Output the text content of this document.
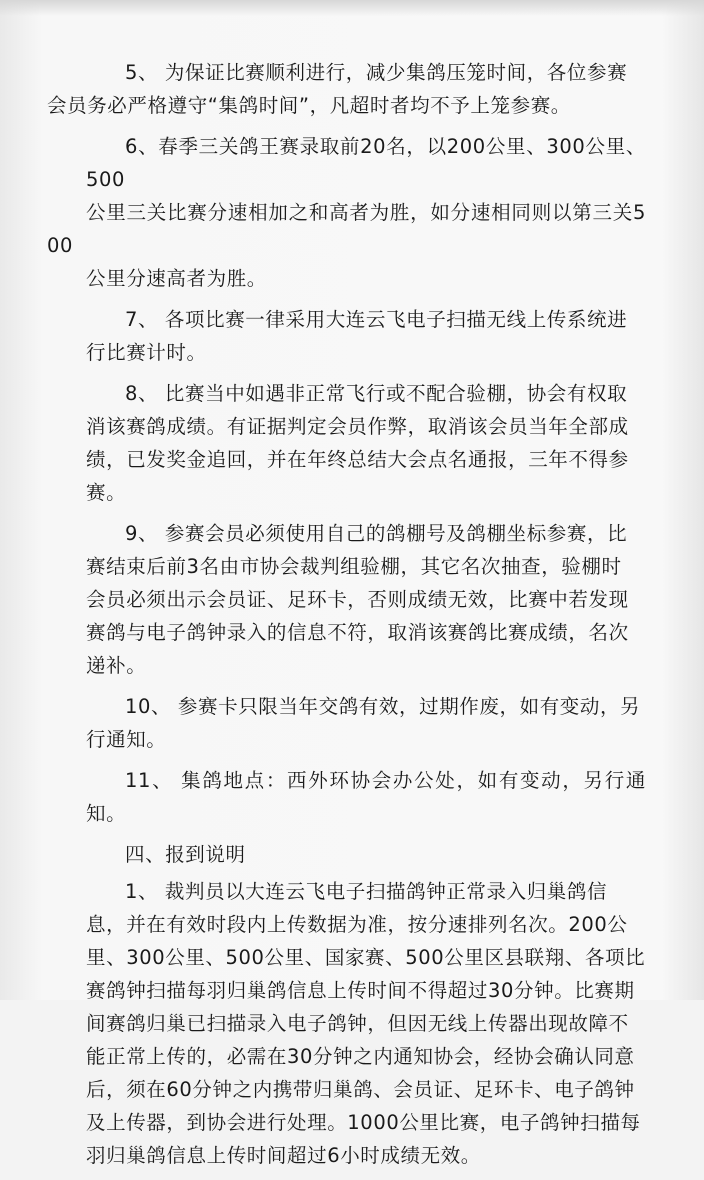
5、 为保证比赛顺利进行，减少集鸽压笼时间，各位参赛
会员务必严格遵守“集鸽时间”，凡超时者均不予上笼参赛。
6、春季三关鸽王赛录取前20名，以200公里、300公里、500
公里三关比赛分速相加之和高者为胜，如分速相同则以第三关500
公里分速高者为胜。
7、 各项比赛一律采用大连云飞电子扫描无线上传系统进
行比赛计时。
8、 比赛当中如遇非正常飞行或不配合验棚，协会有权取
消该赛鸽成绩。有证据判定会员作弊，取消该会员当年全部成
绩，已发奖金追回，并在年终总结大会点名通报，三年不得参
赛。
9、 参赛会员必须使用自己的鸽棚号及鸽棚坐标参赛，比
赛结束后前3名由市协会裁判组验棚，其它名次抽查，验棚时
会员必须出示会员证、足环卡，否则成绩无效，比赛中若发现
赛鸽与电子鸽钟录入的信息不符，取消该赛鸽比赛成绩，名次
递补。
10、 参赛卡只限当年交鸽有效，过期作废，如有变动，另
行通知。
11、 集鸽地点：西外环协会办公处，如有变动，另行通知。
四、报到说明
1、 裁判员以大连云飞电子扫描鸽钟正常录入归巢鸽信
息，并在有效时段内上传数据为准，按分速排列名次。200公
里、300公里、500公里、国家赛、500公里区县联翔、各项比
赛鸽钟扫描每羽归巢鸽信息上传时间不得超过30分钟。比赛期
间赛鸽归巢已扫描录入电子鸽钟，但因无线上传器出现故障不
能正常上传的，必需在30分钟之内通知协会，经协会确认同意
后，须在60分钟之内携带归巢鸽、会员证、足环卡、电子鸽钟
及上传器，到协会进行处理。1000公里比赛，电子鸽钟扫描每
羽归巢鸽信息上传时间超过6小时成绩无效。
